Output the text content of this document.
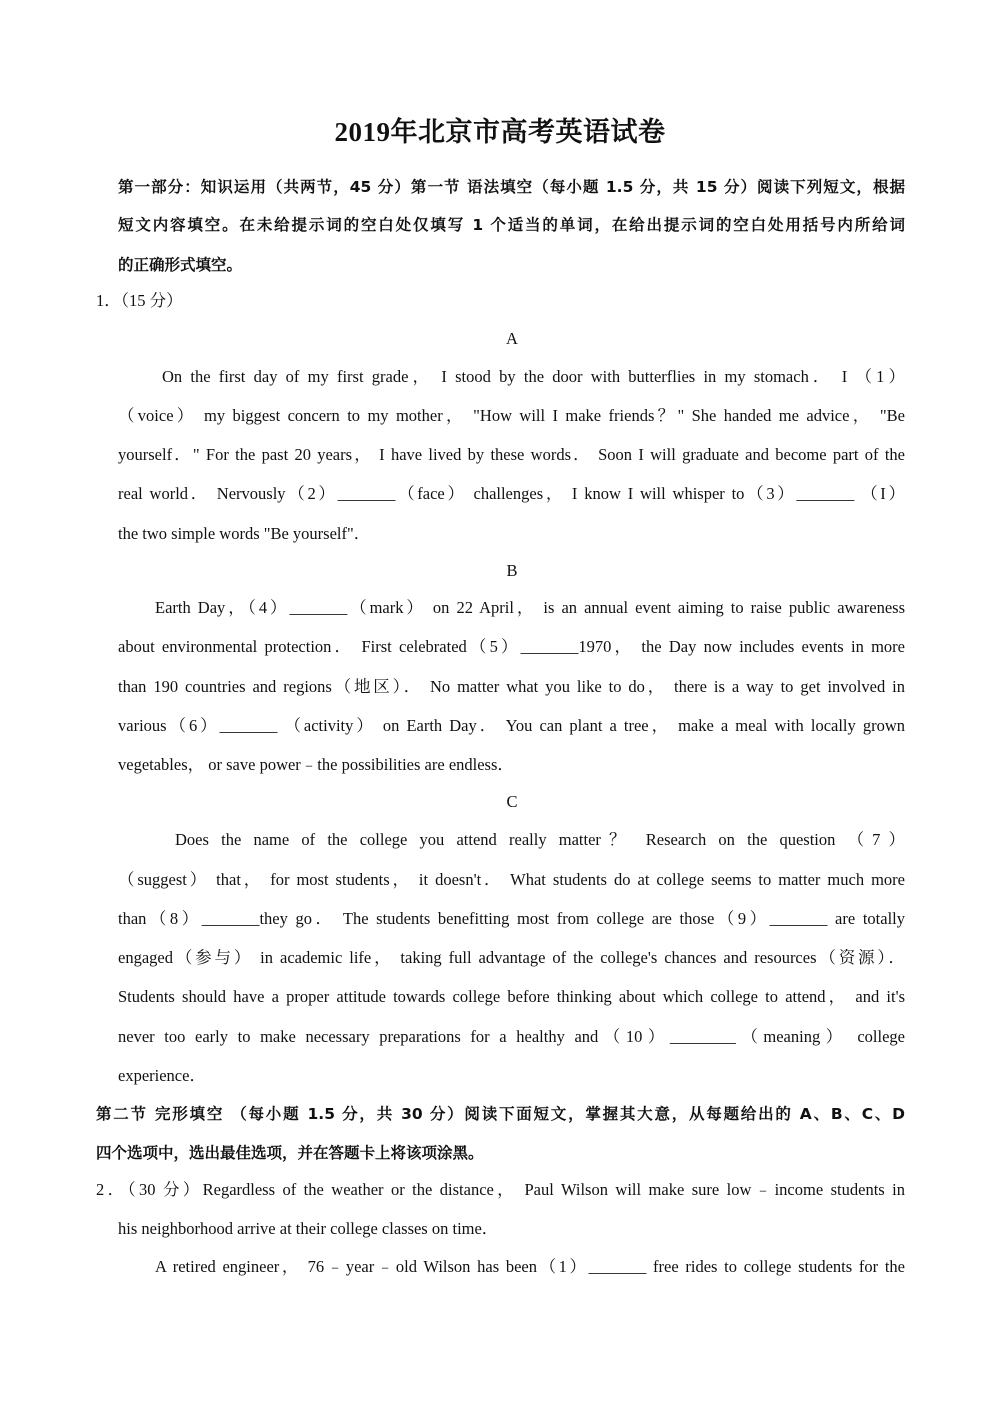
2019年北京市高考英语试卷
第一部分：知识运用（共两节，45 分）第一节 语法填空（每小题 1.5 分，共 15 分）阅读下列短文，根据
短文内容填空。在未给提示词的空白处仅填写 1 个适当的单词，在给出提示词的空白处用括号内所给词
的正确形式填空。
1．（15 分）
A
On the first day of my first grade， I stood by the door with butterflies in my stomach． I （1）
（voice） my biggest concern to my mother， "How will I make friends？" She handed me advice， "Be
yourself．" For the past 20 years， I have lived by these words． Soon I will graduate and become part of the
real world． Nervously（2）_______（face） challenges， I know I will whisper to（3）_______ （I）
the two simple words "Be yourself"．
B
Earth Day，（4）_______（mark） on 22 April， is an annual event aiming to raise public awareness
about environmental protection． First celebrated（5）_______1970， the Day now includes events in more
than 190 countries and regions（地区）． No matter what you like to do， there is a way to get involved in
various（6）_______ （activity） on Earth Day． You can plant a tree， make a meal with locally grown
vegetables， or save power﹣the possibilities are endless．
C
Does the name of the college you attend really matter？ Research on the question （7）
（suggest） that， for most students， it doesn't． What students do at college seems to matter much more
than（8）_______they go． The students benefitting most from college are those（9）_______ are totally
engaged（参与） in academic life， taking full advantage of the college's chances and resources（资源）．
Students should have a proper attitude towards college before thinking about which college to attend， and it's
never too early to make necessary preparations for a healthy and（10）________（meaning） college
experience．
第二节 完形填空 （每小题 1.5 分，共 30 分）阅读下面短文，掌握其大意，从每题给出的 A、B、C、D
四个选项中，选出最佳选项，并在答题卡上将该项涂黑。
2．（30 分）Regardless of the weather or the distance， Paul Wilson will make sure low﹣income students in
his neighborhood arrive at their college classes on time．
A retired engineer， 76﹣year﹣old Wilson has been（1）_______ free rides to college students for the
